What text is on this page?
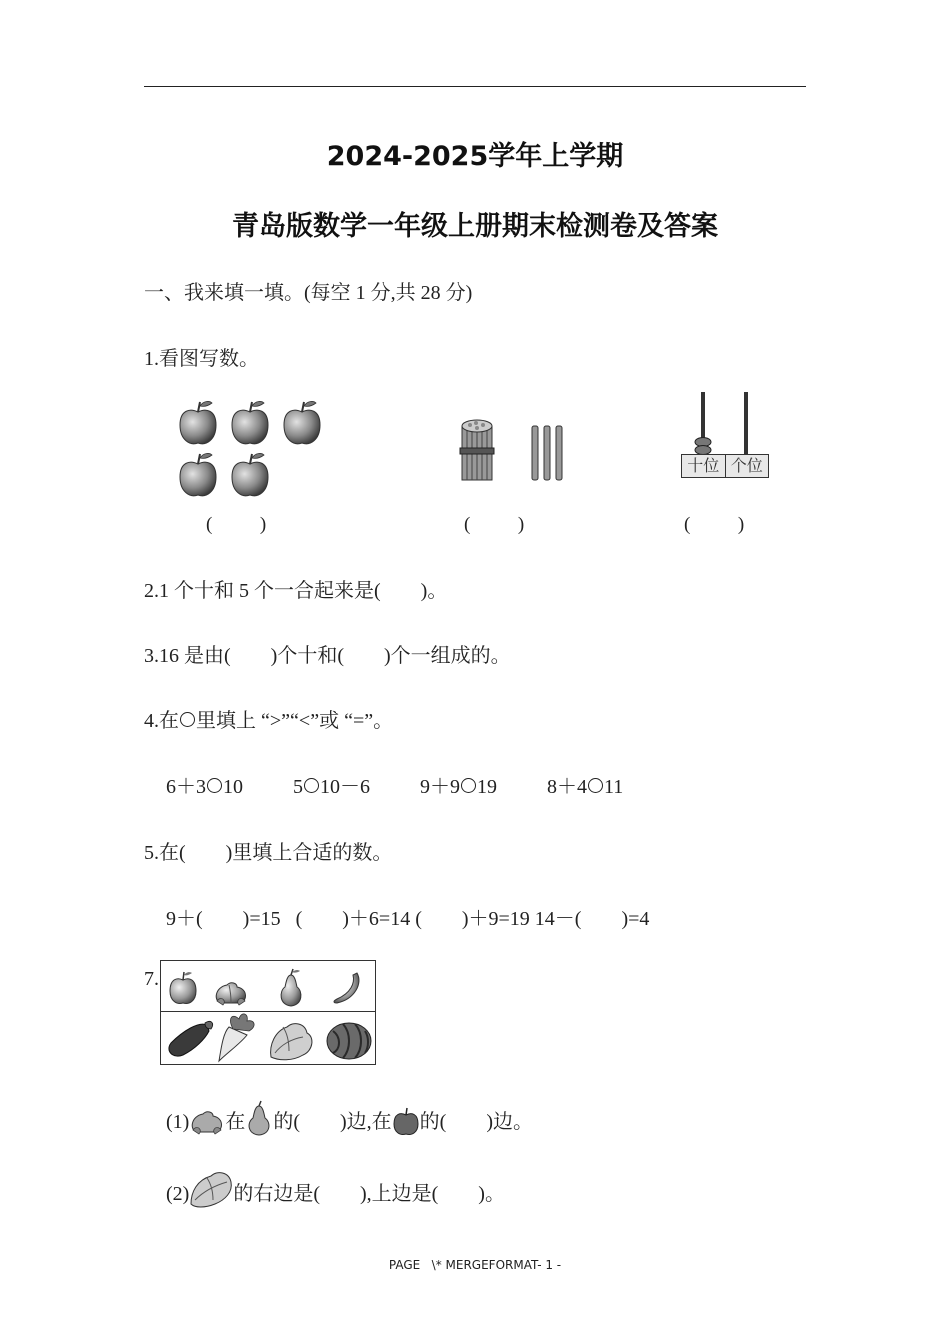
2024-2025学年上学期
青岛版数学一年级上册期末检测卷及答案
一、我来填一填。(每空 1 分,共 28 分)
1.看图写数。
十位 个位
(          )	(          )	(          )
2.1 个十和 5 个一合起来是(        )。
3.16 是由(        )个十和(        )个一组成的。
4.在 里填上 “>”“<”或 “=”。
6＋3 10	5 10－6	9＋9 19	8＋4 11
5.在(        )里填上合适的数。
9＋(        )=15   (        )＋6=14 (        )＋9=19 14－(        )=4
7.
(1) 在 的(        )边,在 的(        )边。
(2) 的右边是(        ),上边是(        )。
PAGE   \* MERGEFORMAT- 1 -
